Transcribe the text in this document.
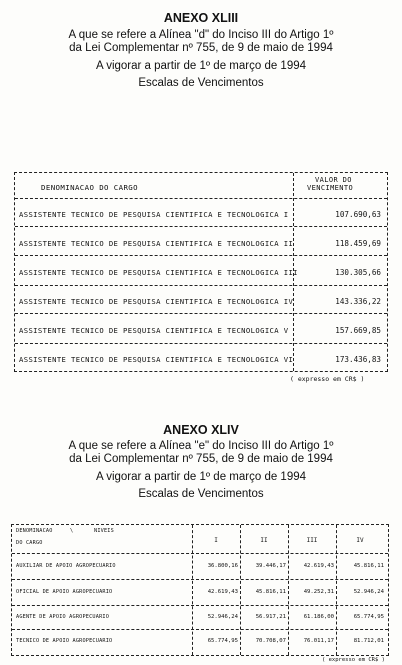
ANEXO XLIII
A que se refere a Alínea "d" do Inciso III do Artigo 1º
da Lei Complementar nº 755, de 9 de maio de 1994
A vigorar a partir de 1º de março de 1994
Escalas de Vencimentos
DENOMINACAO DO CARGO
VALOR DO
VENCIMENTO
ASSISTENTE TECNICO DE PESQUISA CIENTIFICA E TECNOLOGICA I	107.690,63
ASSISTENTE TECNICO DE PESQUISA CIENTIFICA E TECNOLOGICA II	118.459,69
ASSISTENTE TECNICO DE PESQUISA CIENTIFICA E TECNOLOGICA III	130.305,66
ASSISTENTE TECNICO DE PESQUISA CIENTIFICA E TECNOLOGICA IV	143.336,22
ASSISTENTE TECNICO DE PESQUISA CIENTIFICA E TECNOLOGICA V	157.669,85
ASSISTENTE TECNICO DE PESQUISA CIENTIFICA E TECNOLOGICA VI	173.436,83
( expresso em CR$ )
ANEXO XLIV
A que se refere a Alínea "e" do Inciso III do Artigo 1º
da Lei Complementar nº 755, de 9 de maio de 1994
A vigorar a partir de 1º de março de 1994
Escalas de Vencimentos
DENOMINACAO	\	NIVEIS
DO CARGO	I	II	III	IV
AUXILIAR DE APOIO AGROPECUARIO	36.800,16	39.446,17	42.619,43	45.816,11
OFICIAL DE APOIO AGROPECUARIO	42.619,43	45.816,11	49.252,31	52.946,24
AGENTE DE APOIO AGROPECUARIO	52.946,24	56.917,21	61.186,00	65.774,95
TECNICO DE APOIO AGROPECUARIO	65.774,95	70.708,07	76.011,17	81.712,01
( expresso em CR$ )
